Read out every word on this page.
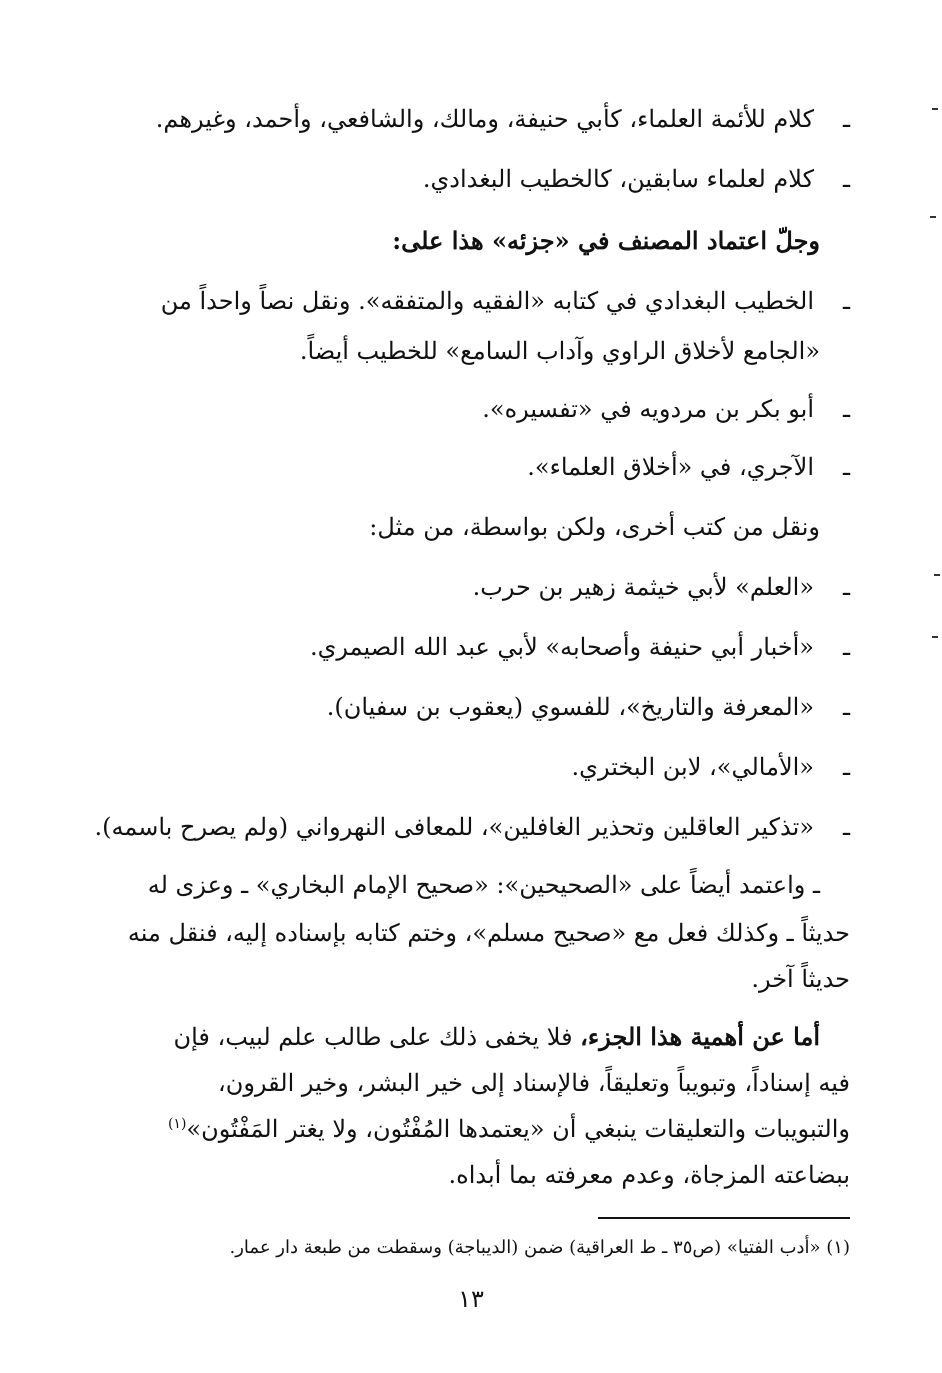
ـكلام للأئمة العلماء، كأبي حنيفة، ومالك، والشافعي، وأحمد، وغيرهم.
ـكلام لعلماء سابقين، كالخطيب البغدادي.
وجلّ اعتماد المصنف في «جزئه» هذا على:
ـالخطيب البغدادي في كتابه «الفقيه والمتفقه». ونقل نصاً واحداً من
«الجامع لأخلاق الراوي وآداب السامع» للخطيب أيضاً.
ـأبو بكر بن مردويه في «تفسيره».
ـالآجري، في «أخلاق العلماء».
ونقل من كتب أخرى، ولكن بواسطة، من مثل:
ـ«العلم» لأبي خيثمة زهير بن حرب.
ـ«أخبار أبي حنيفة وأصحابه» لأبي عبد الله الصيمري.
ـ«المعرفة والتاريخ»، للفسوي (يعقوب بن سفيان).
ـ«الأمالي»، لابن البختري.
ـ«تذكير العاقلين وتحذير الغافلين»، للمعافى النهرواني (ولم يصرح باسمه).
ـ واعتمد أيضاً على «الصحيحين»: «صحيح الإمام البخاري» ـ وعزى له
حديثاً ـ وكذلك فعل مع «صحيح مسلم»، وختم كتابه بإسناده إليه، فنقل منه
حديثاً آخر.
أما عن أهمية هذا الجزء، فلا يخفى ذلك على طالب علم لبيب، فإن
فيه إسناداً، وتبويباً وتعليقاً، فالإسناد إلى خير البشر، وخير القرون،
والتبويبات والتعليقات ينبغي أن «يعتمدها المُفْتُون، ولا يغتر المَفْتُون»$^{(١)}$
ببضاعته المزجاة، وعدم معرفته بما أبداه.
(١) «أدب الفتيا» (ص٣٥ ـ ط العراقية) ضمن (الديباجة) وسقطت من طبعة دار عمار.
١٣
